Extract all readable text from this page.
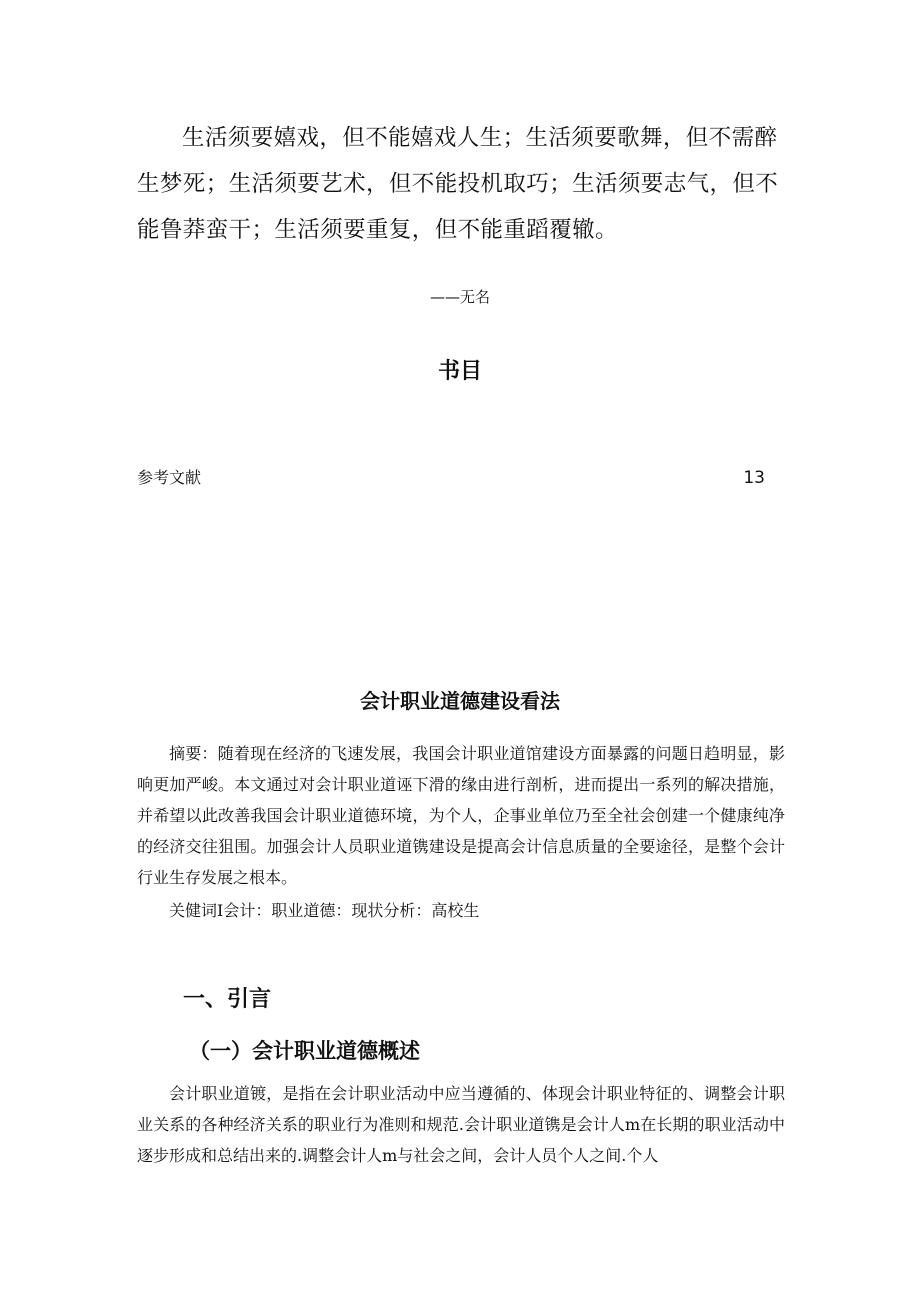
生活须要嬉戏，但不能嬉戏人生；生活须要歌舞，但不需醉生梦死；生活须要艺术，但不能投机取巧；生活须要志气，但不能鲁莽蛮干；生活须要重复，但不能重蹈覆辙。

——无名

书目
参考文献	13
会计职业道德建设看法

摘要：随着现在经济的飞速发展，我国会计职业道馆建设方面暴露的问题日趋明显，影响更加严峻。本文通过对会计职业道诬下滑的缘由进行剖析，进而提出一系列的解决措施，并希望以此改善我国会计职业道德环境，为个人，企事业单位乃至全社会创建一个健康纯净的经济交往狙围。加强会计人员职业道镌建设是提高会计信息质量的全要途径，是整个会计行业生存发展之根本。

关健词I会计：职业道德：现状分析：高校生

一、引言
（一）会计职业道德概述

会计职业道镀，是指在会计职业活动中应当遵循的、体现会计职业特征的、调整会计职业关系的各种经济关系的职业行为准则和规范.会计职业道镌是会计人m在长期的职业活动中逐步形成和总结出来的.调整会计人m与社会之间，会计人员个人之间.个人
